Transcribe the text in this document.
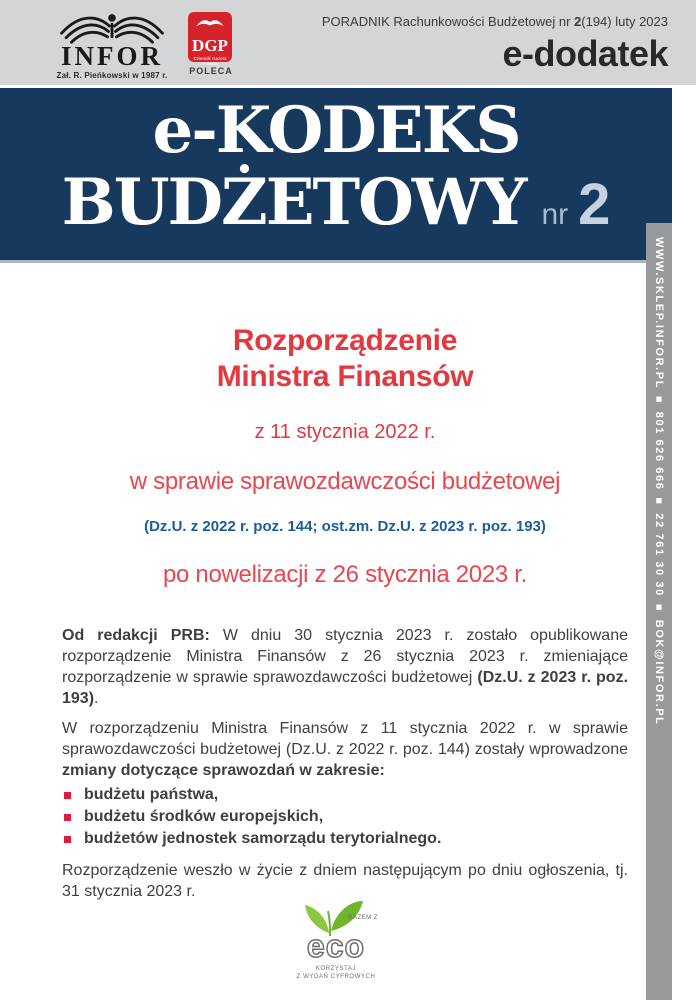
INFOR
Zał. R. Pieńkowski w 1987 r.
DGP
Dziennik Gazeta Prawna
POLECA
PORADNIK Rachunkowości Budżetowej nr 2(194) luty 2023
e-dodatek
e-KODEKS
BUDŻETOWY nr 2
WWW.SKLEP.INFOR.PL ■ 801 626 666 ■ 22 761 30 30 ■ BOK@INFOR.PL
Rozporządzenie
Ministra Finansów
z 11 stycznia 2022 r.
w sprawie sprawozdawczości budżetowej
(Dz.U. z 2022 r. poz. 144; ost.zm. Dz.U. z 2023 r. poz. 193)
po nowelizacji z 26 stycznia 2023 r.

Od redakcji PRB: W dniu 30 stycznia 2023 r. zostało opublikowane rozporządzenie Ministra Finansów z 26 stycznia 2023 r. zmieniające rozporządzenie w sprawie sprawozdawczości budżetowej (Dz.U. z 2023 r. poz. 193).

W rozporządzeniu Ministra Finansów z 11 stycznia 2022 r. w sprawie sprawozdawczości budżetowej (Dz.U. z 2022 r. poz. 144) zostały wprowadzone zmiany dotyczące sprawozdań w zakresie:

budżetu państwa,
budżetu środków europejskich,
budżetów jednostek samorządu terytorialnego.

Rozporządzenie weszło w życie z dniem następującym po dniu ogłoszenia, tj. 31 stycznia 2023 r.

RAZEM Z
eco
KORZYSTAJ
Z WYDAŃ CYFROWYCH
